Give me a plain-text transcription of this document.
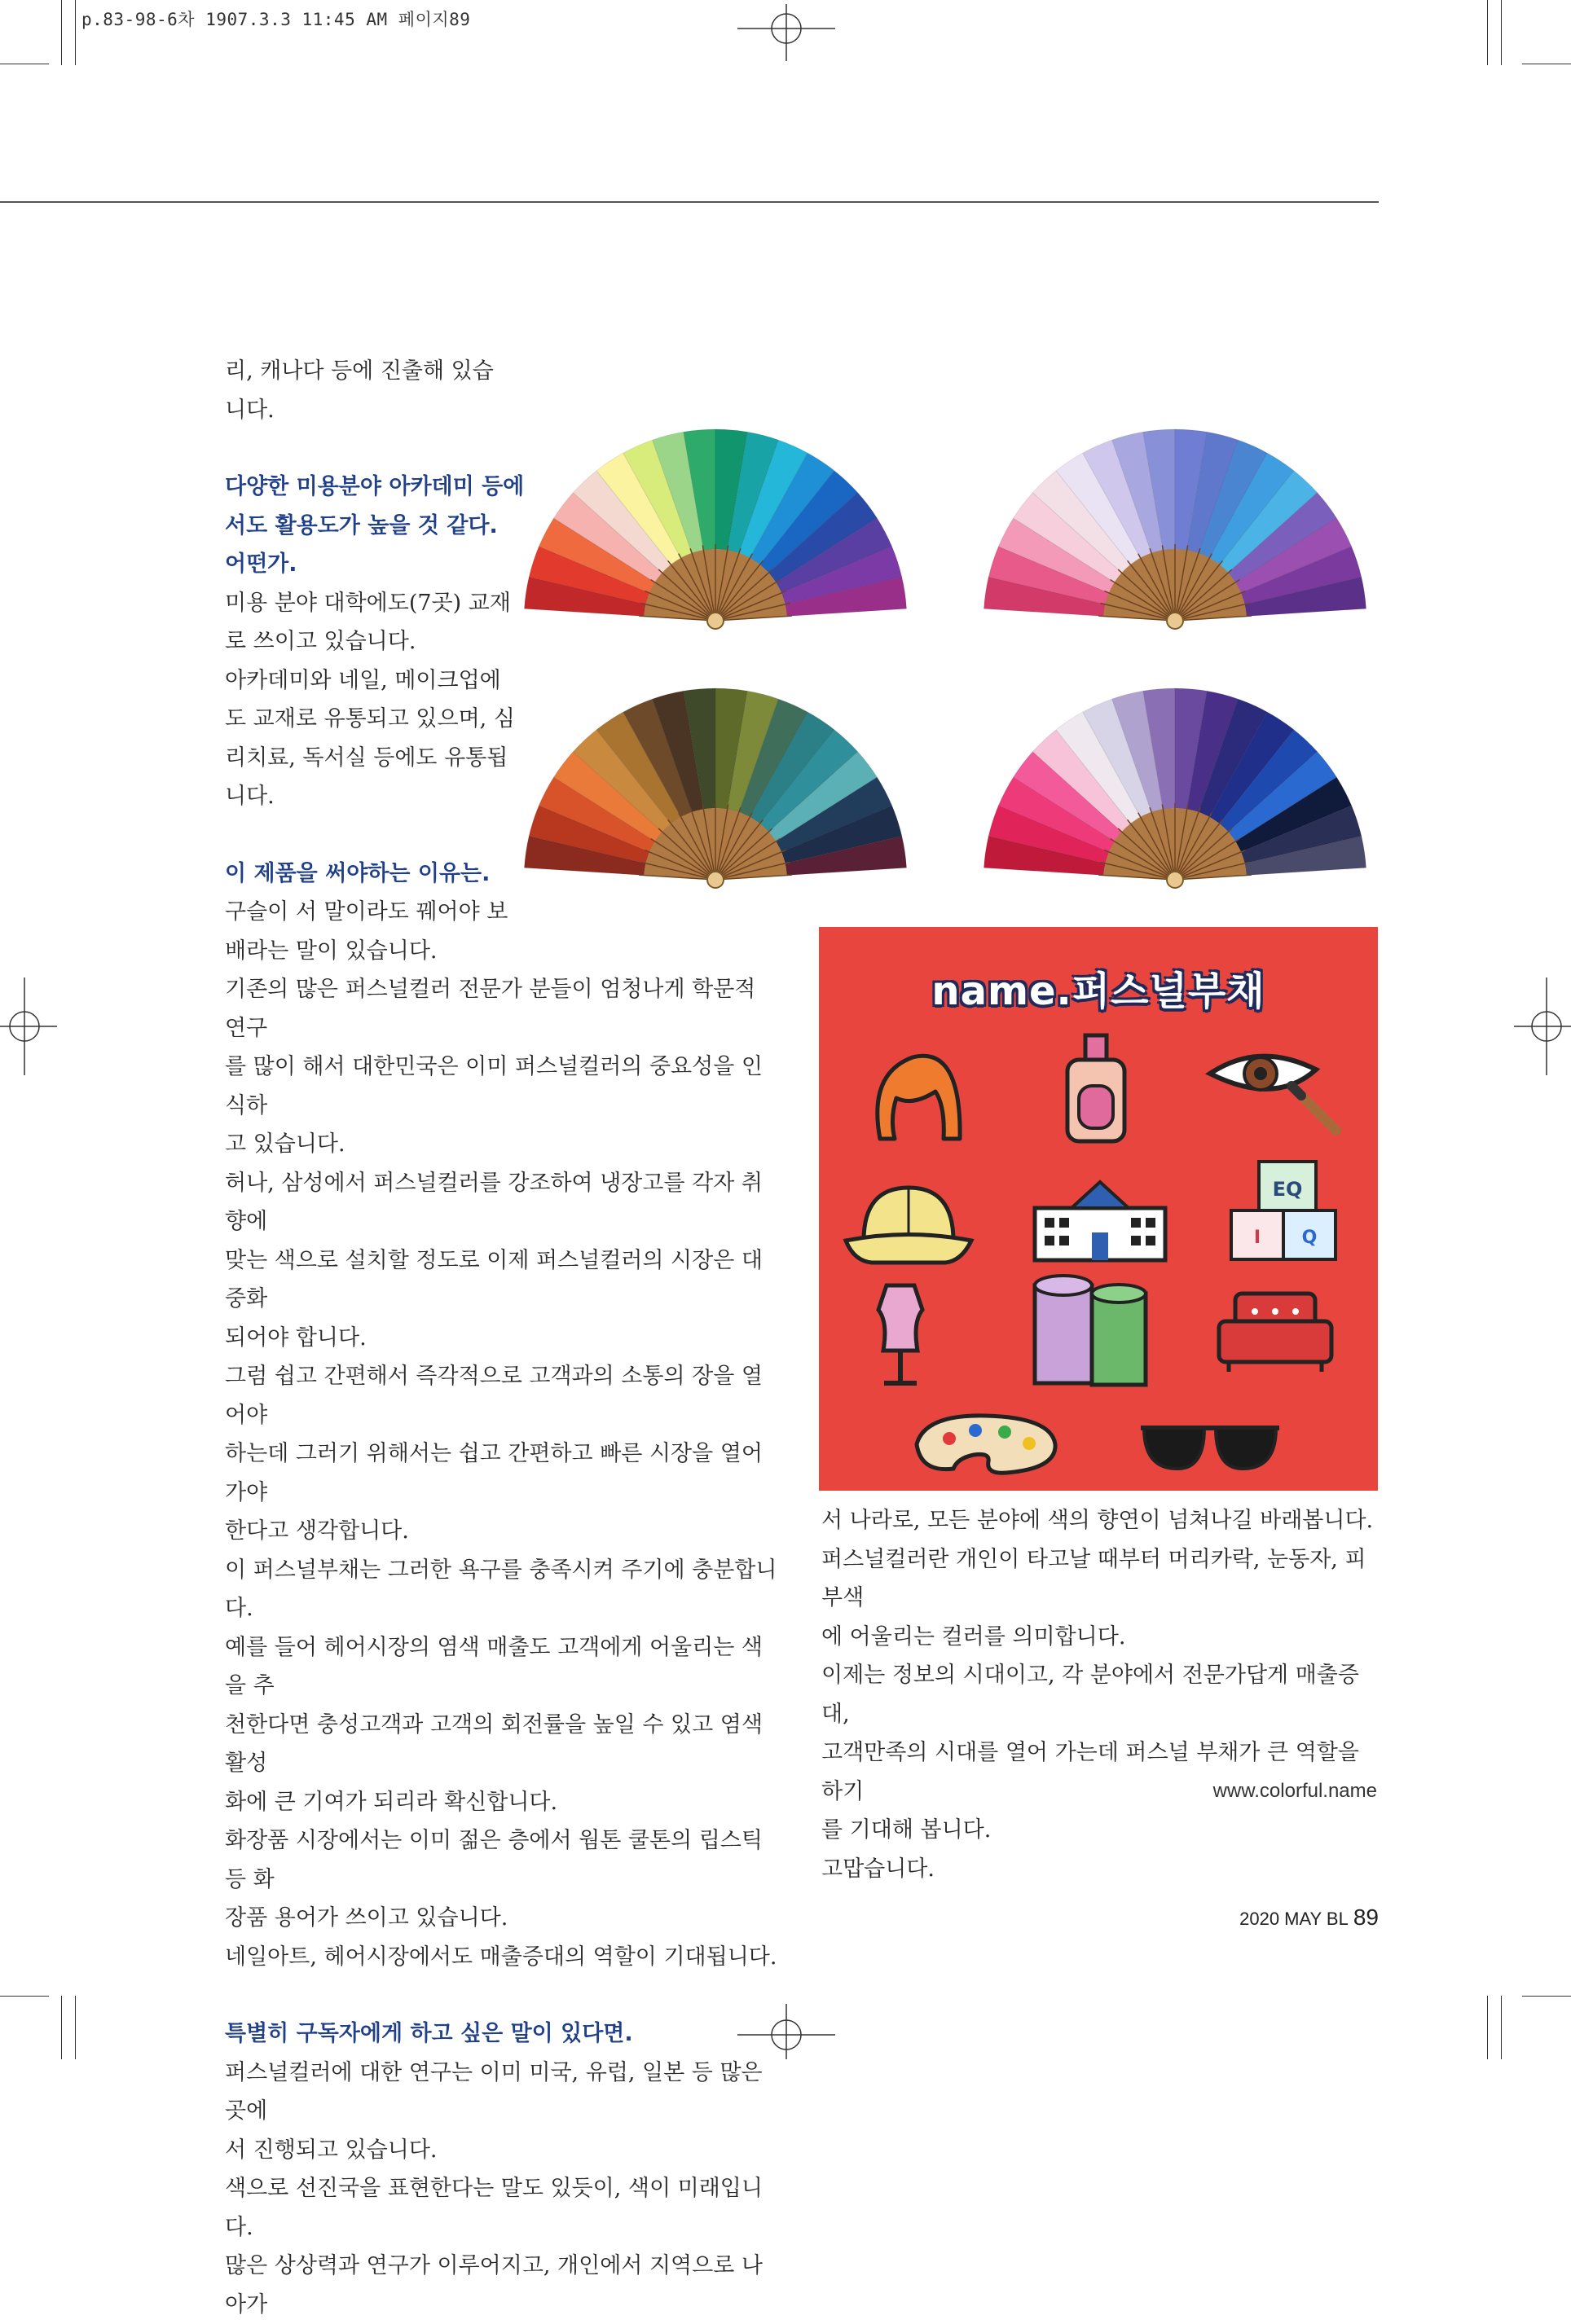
p.83-98-6차 1907.3.3 11:45 AM 페이지89

리, 캐나다 등에 진출해 있습

니다.

다양한 미용분야 아카데미 등에

서도 활용도가 높을 것 같다.

어떤가.

미용 분야 대학에도(7곳) 교재

로 쓰이고 있습니다.

아카데미와 네일, 메이크업에

도 교재로 유통되고 있으며, 심

리치료, 독서실 등에도 유통됩

니다.

이 제품을 써야하는 이유는.

구슬이 서 말이라도 꿰어야 보

배라는 말이 있습니다.

기존의 많은 퍼스널컬러 전문가 분들이 엄청나게 학문적 연구

를 많이 해서 대한민국은 이미 퍼스널컬러의 중요성을 인식하

고 있습니다.

허나, 삼성에서 퍼스널컬러를 강조하여 냉장고를 각자 취향에

맞는 색으로 설치할 정도로 이제 퍼스널컬러의 시장은 대중화

되어야 합니다.

그럼 쉽고 간편해서 즉각적으로 고객과의 소통의 장을 열어야

하는데 그러기 위해서는 쉽고 간편하고 빠른 시장을 열어가야

한다고 생각합니다.

이 퍼스널부채는 그러한 욕구를 충족시켜 주기에 충분합니다.

예를 들어 헤어시장의 염색 매출도 고객에게 어울리는 색을 추

천한다면 충성고객과 고객의 회전률을 높일 수 있고 염색활성

화에 큰 기여가 되리라 확신합니다.

화장품 시장에서는 이미 젊은 층에서 웜톤 쿨톤의 립스틱 등 화

장품 용어가 쓰이고 있습니다.

네일아트, 헤어시장에서도 매출증대의 역할이 기대됩니다.

특별히 구독자에게 하고 싶은 말이 있다면.

퍼스널컬러에 대한 연구는 이미 미국, 유럽, 일본 등 많은 곳에

서 진행되고 있습니다.

색으로 선진국을 표현한다는 말도 있듯이, 색이 미래입니다.

많은 상상력과 연구가 이루어지고, 개인에서 지역으로 나아가

name.퍼스널부채
EQ
I Q

서 나라로, 모든 분야에 색의 향연이 넘쳐나길 바래봅니다.

퍼스널컬러란 개인이 타고날 때부터 머리카락, 눈동자, 피부색

에 어울리는 컬러를 의미합니다.

이제는 정보의 시대이고, 각 분야에서 전문가답게 매출증대,

고객만족의 시대를 열어 가는데 퍼스널 부채가 큰 역할을 하기

를 기대해 봅니다.

고맙습니다.

www.colorful.name
2020 MAY BL 89
